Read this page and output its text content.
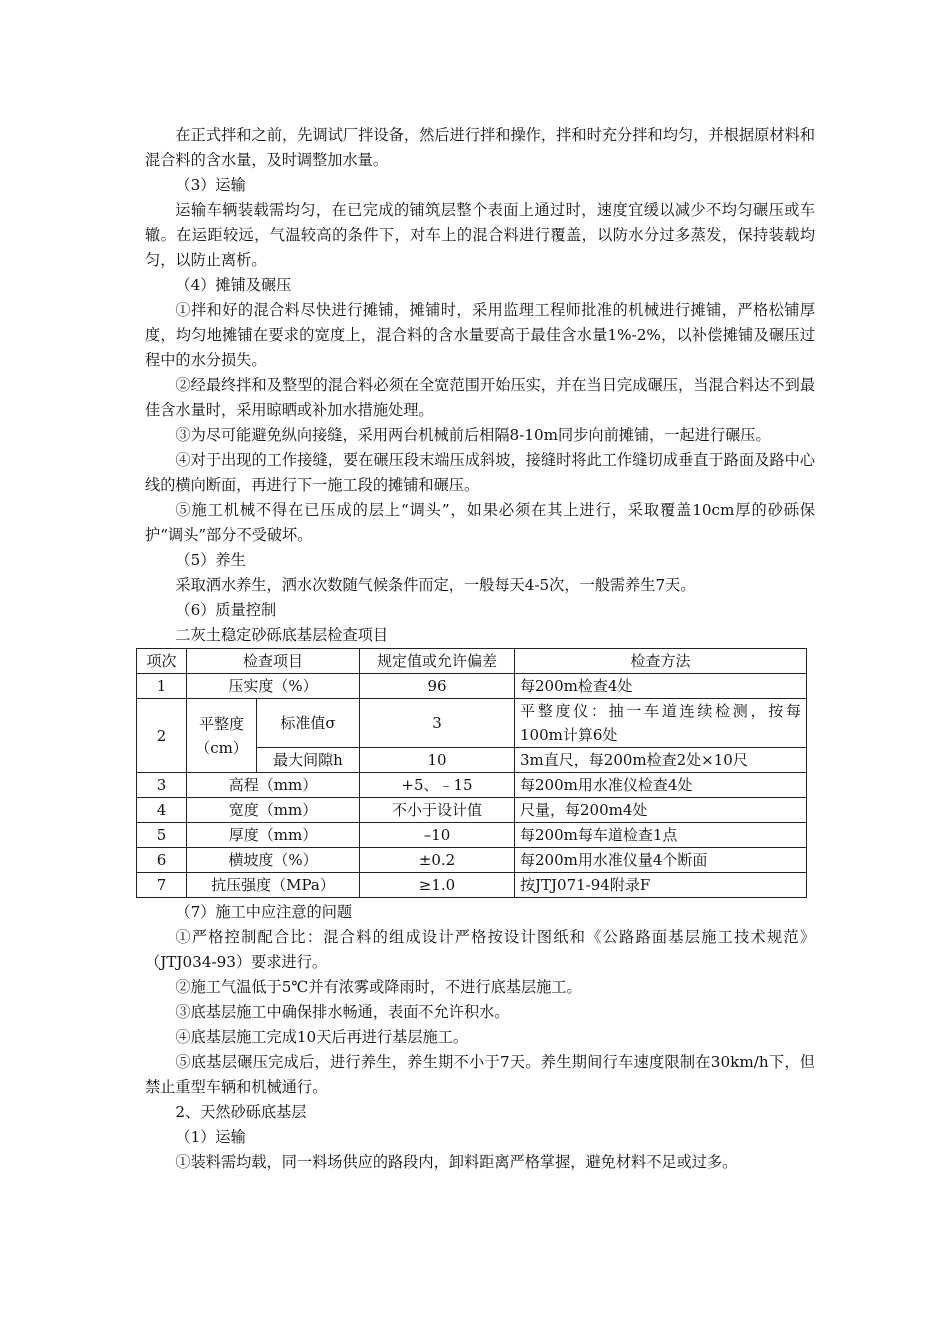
在正式拌和之前，先调试厂拌设备，然后进行拌和操作，拌和时充分拌和均匀，并根据原材料和混合料的含水量，及时调整加水量。

（3）运输

运输车辆装载需均匀，在已完成的铺筑层整个表面上通过时，速度宜缓以减少不均匀碾压或车辙。在运距较远，气温较高的条件下，对车上的混合料进行覆盖，以防水分过多蒸发，保持装载均匀，以防止离析。

（4）摊铺及碾压

①拌和好的混合料尽快进行摊铺，摊铺时，采用监理工程师批准的机械进行摊铺，严格松铺厚度，均匀地摊铺在要求的宽度上，混合料的含水量要高于最佳含水量1%-2%，以补偿摊铺及碾压过程中的水分损失。

②经最终拌和及整型的混合料必须在全宽范围开始压实，并在当日完成碾压，当混合料达不到最佳含水量时，采用晾晒或补加水措施处理。

③为尽可能避免纵向接缝，采用两台机械前后相隔8-10m同步向前摊铺，一起进行碾压。

④对于出现的工作接缝，要在碾压段末端压成斜坡，接缝时将此工作缝切成垂直于路面及路中心线的横向断面，再进行下一施工段的摊铺和碾压。

⑤施工机械不得在已压成的层上“调头”，如果必须在其上进行，采取覆盖10cm厚的砂砾保护“调头”部分不受破坏。

（5）养生

采取洒水养生，洒水次数随气候条件而定，一般每天4-5次，一般需养生7天。

（6）质量控制

二灰土稳定砂砾底基层检查项目

项次	检查项目		规定值或允许偏差	检查方法
1	压实度（%）		96	每200m检查4处
2	平整度（cm）	标准值σ	3	平整度仪：抽一车道连续检测，按每100m计算6处
		最大间隙h	10	3m直尺，每200m检查2处×10尺
3	高程（mm）		+5、﹣15	每200m用水准仪检查4处
4	宽度（mm）		不小于设计值	尺量，每200m4处
5	厚度（mm）		–10	每200m每车道检查1点
6	横坡度（%）		±0.2	每200m用水准仪量4个断面
7	抗压强度（MPa）		≥1.0	按JTJ071-94附录F

（7）施工中应注意的问题

①严格控制配合比：混合料的组成设计严格按设计图纸和《公路路面基层施工技术规范》（JTJ034-93）要求进行。

②施工气温低于5℃并有浓雾或降雨时，不进行底基层施工。

③底基层施工中确保排水畅通，表面不允许积水。

④底基层施工完成10天后再进行基层施工。

⑤底基层碾压完成后，进行养生，养生期不小于7天。养生期间行车速度限制在30km/h下，但禁止重型车辆和机械通行。

2、天然砂砾底基层

（1）运输

①装料需均载，同一料场供应的路段内，卸料距离严格掌握，避免材料不足或过多。
